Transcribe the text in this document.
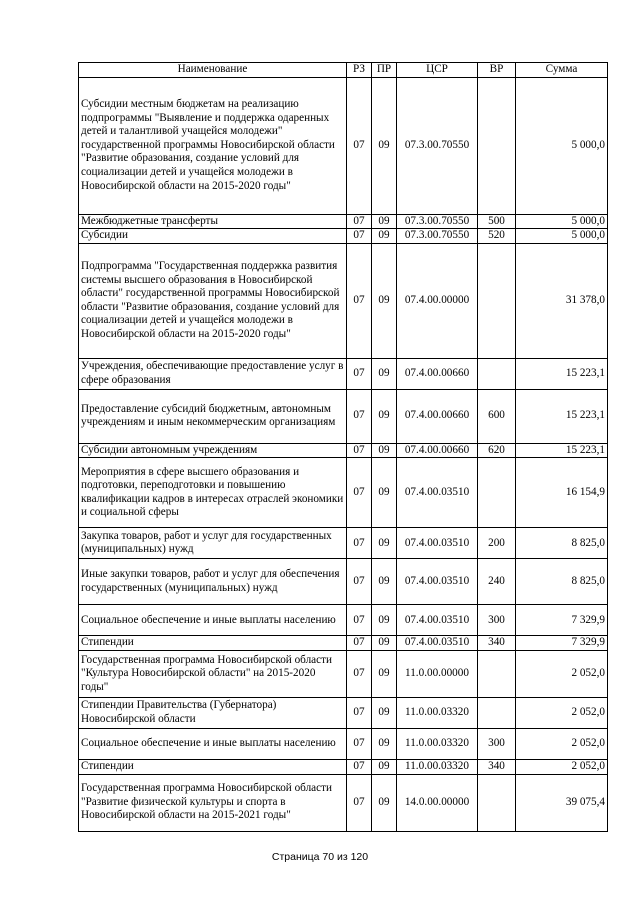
Наименование	РЗ	ПР	ЦСР	ВР	Сумма
Субсидии местным бюджетам на реализацию подпрограммы "Выявление и поддержка одаренных детей и талантливой учащейся молодежи" государственной программы Новосибирской области "Развитие образования, создание условий для социализации детей и учащейся молодежи в Новосибирской области на 2015-2020 годы"	07	09	07.3.00.70550		5 000,0
Межбюджетные трансферты	07	09	07.3.00.70550	500	5 000,0
Субсидии	07	09	07.3.00.70550	520	5 000,0
Подпрограмма "Государственная поддержка развития системы высшего образования в Новосибирской области" государственной программы Новосибирской области "Развитие образования, создание условий для социализации детей и учащейся молодежи в Новосибирской области на 2015-2020 годы"	07	09	07.4.00.00000		31 378,0
Учреждения, обеспечивающие предоставление услуг в сфере образования	07	09	07.4.00.00660		15 223,1
Предоставление субсидий бюджетным, автономным учреждениям и иным некоммерческим организациям	07	09	07.4.00.00660	600	15 223,1
Субсидии автономным учреждениям	07	09	07.4.00.00660	620	15 223,1
Мероприятия в сфере высшего образования и подготовки, переподготовки и повышению квалификации кадров в интересах отраслей экономики и социальной сферы	07	09	07.4.00.03510		16 154,9
Закупка товаров, работ и услуг для государственных (муниципальных) нужд	07	09	07.4.00.03510	200	8 825,0
Иные закупки товаров, работ и услуг для обеспечения государственных (муниципальных) нужд	07	09	07.4.00.03510	240	8 825,0
Социальное обеспечение и иные выплаты населению	07	09	07.4.00.03510	300	7 329,9
Стипендии	07	09	07.4.00.03510	340	7 329,9
Государственная программа Новосибирской области "Культура Новосибирской области" на 2015-2020 годы"	07	09	11.0.00.00000		2 052,0
Стипендии Правительства (Губернатора) Новосибирской области	07	09	11.0.00.03320		2 052,0
Социальное обеспечение и иные выплаты населению	07	09	11.0.00.03320	300	2 052,0
Стипендии	07	09	11.0.00.03320	340	2 052,0
Государственная программа Новосибирской области "Развитие физической культуры и спорта в Новосибирской области на 2015-2021 годы"	07	09	14.0.00.00000		39 075,4
Страница 70 из 120
